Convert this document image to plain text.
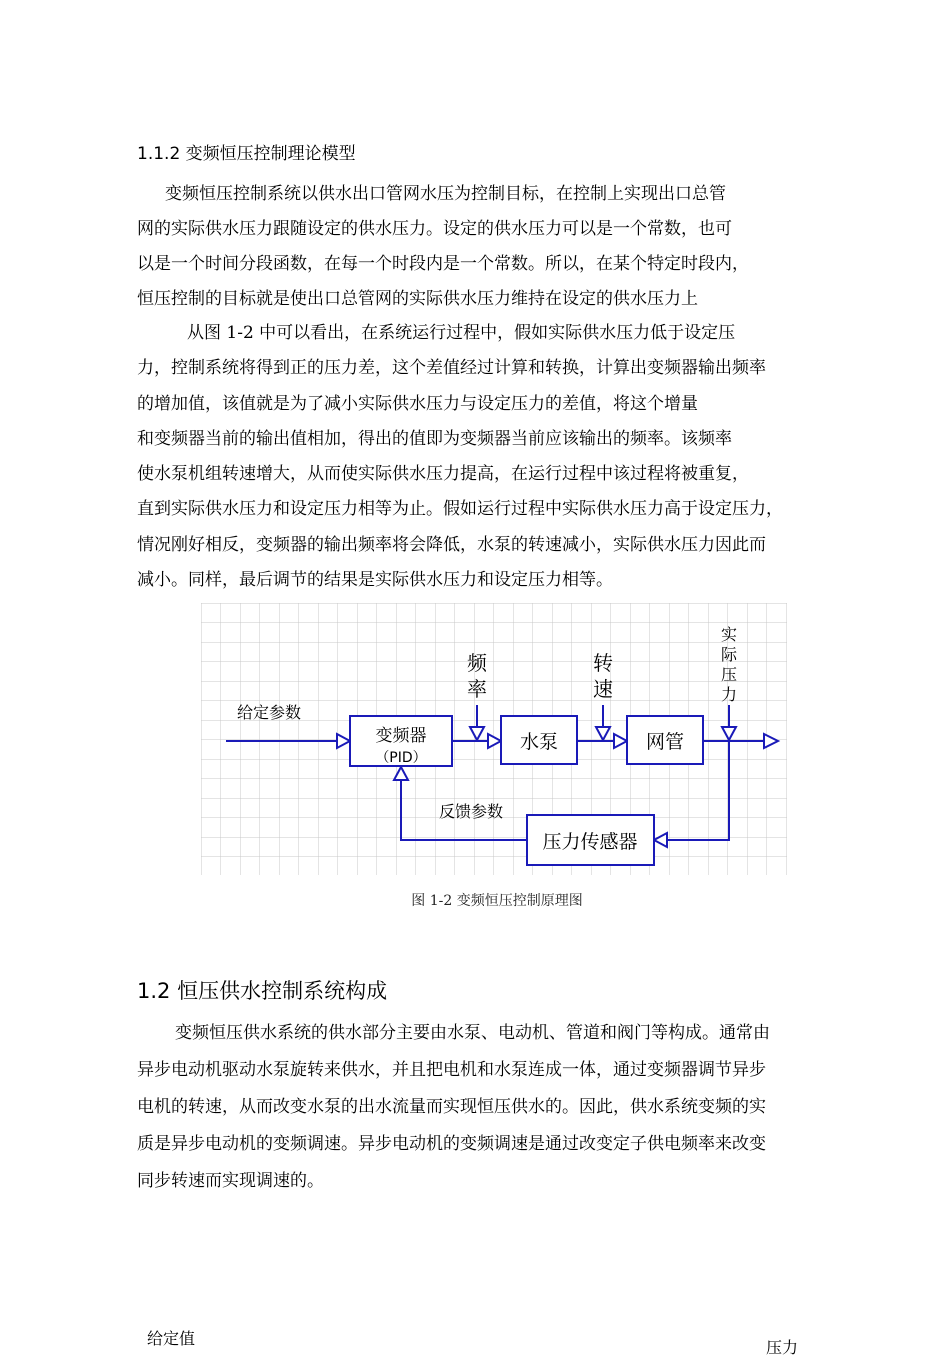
1.1.2 变频恒压控制理论模型
变频恒压控制系统以供水出口管网水压为控制目标，在控制上实现出口总管
网的实际供水压力跟随设定的供水压力。设定的供水压力可以是一个常数，也可
以是一个时间分段函数，在每一个时段内是一个常数。所以，在某个特定时段内，
恒压控制的目标就是使出口总管网的实际供水压力维持在设定的供水压力上
从图 1-2 中可以看出，在系统运行过程中，假如实际供水压力低于设定压
力，控制系统将得到正的压力差，这个差值经过计算和转换，计算出变频器输出频率
的增加值，该值就是为了减小实际供水压力与设定压力的差值，将这个增量
和变频器当前的输出值相加，得出的值即为变频器当前应该输出的频率。该频率
使水泵机组转速增大，从而使实际供水压力提高，在运行过程中该过程将被重复，
直到实际供水压力和设定压力相等为止。假如运行过程中实际供水压力高于设定压力，
情况刚好相反，变频器的输出频率将会降低，水泵的转速减小，实际供水压力因此而
减小。同样，最后调节的结果是实际供水压力和设定压力相等。
给定参数
变频器
（PID）
频
率
水泵
转
速
网管
实
际
压
力
反馈参数
压力传感器
图 1-2 变频恒压控制原理图
1.2 恒压供水控制系统构成
变频恒压供水系统的供水部分主要由水泵、电动机、管道和阀门等构成。通常由
异步电动机驱动水泵旋转来供水，并且把电机和水泵连成一体，通过变频器调节异步
电机的转速，从而改变水泵的出水流量而实现恒压供水的。因此，供水系统变频的实
质是异步电动机的变频调速。异步电动机的变频调速是通过改变定子供电频率来改变
同步转速而实现调速的。
给定值	压力
